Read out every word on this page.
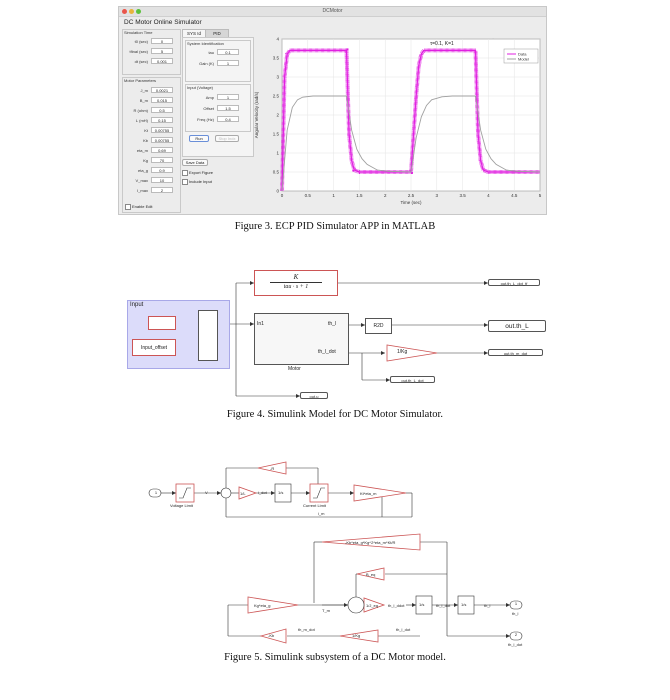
DCMotor
DC Motor Online Simulator
Simulation Time
t0 (sec)	0
tfinal (sec)	5
dt (sec)	0.001
Motor Parameters
J_m	0.0021
B_m	0.015
R (ohm)	0.5
L (mH)	0.15
Kt	0.00755
Kb	0.00755
eta_m	0.69
Kg	70
eta_g	0.9
V_max	10
I_max	2
Enable Edit
SYS Id	PID
System Identification
tau	0.1
Gain (K)	1
Input (Voltage)
Amp	1
Offset	1.5
Freq (Hz)	0.4
Run	Stop Indx
Save Data
Export Figure
Include Input
0	0.5	1	1.5	2	2.5	3	3.5	4	4.5	5
0
0.5
1
1.5
2
2.5
3
3.5
4
τ=0.1, K=1
Time (sec)
Angular Velocity (rad/s)
Data
Model
Figure 3. ECP PID Simulator APP in MATLAB
Input
Input_offset
K
tau · s + 1
In1	th_l
th_l_dot
Motor
R2D
1/Kg
out.th_L_dot_tf
out.th_L
out.th_m_dot
out.th_L_dot
out.u
Figure 4. Simulink Model for DC Motor Simulator.
1
Voltage Limit
V	1/L	i_dot	1/s
Current Limit
i_m
Kt*eta_m
-R
-Kb*eta_g*Kg^2*eta_m*Kt/R
B_eq
Kg*eta_g
T_m
1/J_eq th_l_ddot	1/s	th_l_dot	1/s	th_l	1
th_l
2
th_l_dot
-Kb
th_m_dot
1/Kg
th_l_dot
Figure 5. Simulink subsystem of a DC Motor model.
